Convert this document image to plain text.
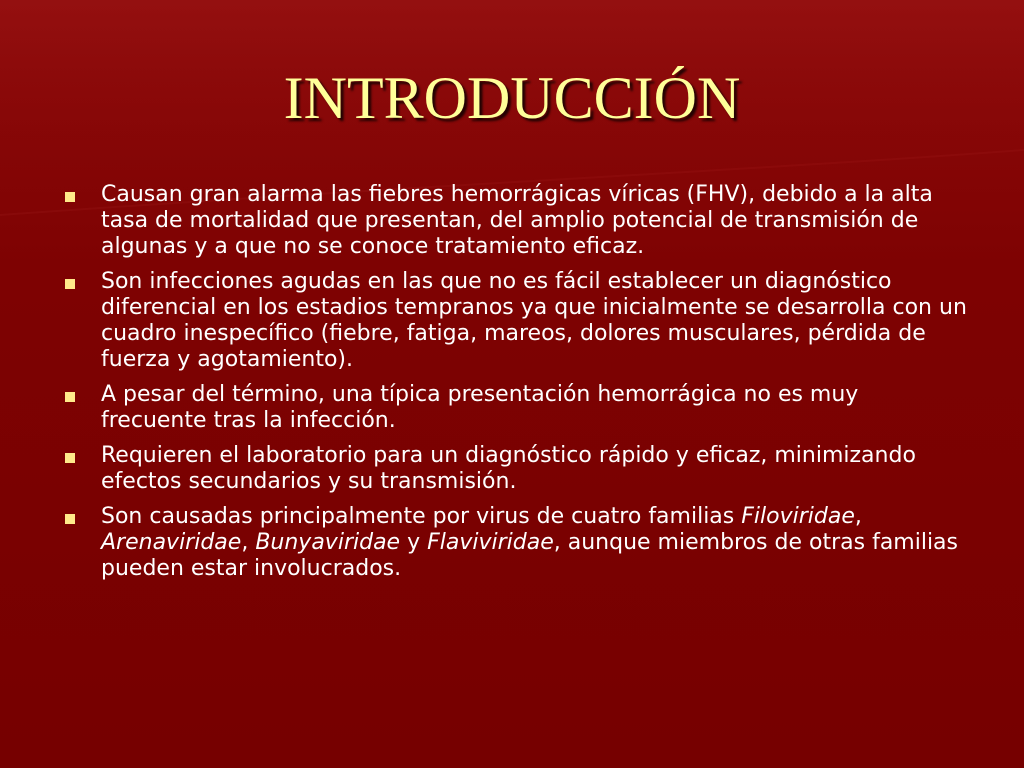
INTRODUCCIÓN
Causan gran alarma las fiebres hemorrágicas víricas (FHV), debido a la alta tasa de mortalidad que presentan, del amplio potencial de transmisión de algunas y a que no se conoce tratamiento eficaz.
Son infecciones agudas en las que no es fácil establecer un diagnóstico diferencial en los estadios tempranos ya que inicialmente se desarrolla con un cuadro inespecífico (fiebre, fatiga, mareos, dolores musculares, pérdida de fuerza y agotamiento).
A pesar del término, una típica presentación hemorrágica no es muy frecuente tras la infección.
Requieren el laboratorio para un diagnóstico rápido y eficaz, minimizando efectos secundarios y su transmisión.
Son causadas principalmente por virus de cuatro familias Filoviridae, Arenaviridae, Bunyaviridae y Flaviviridae, aunque miembros de otras familias pueden estar involucrados.
